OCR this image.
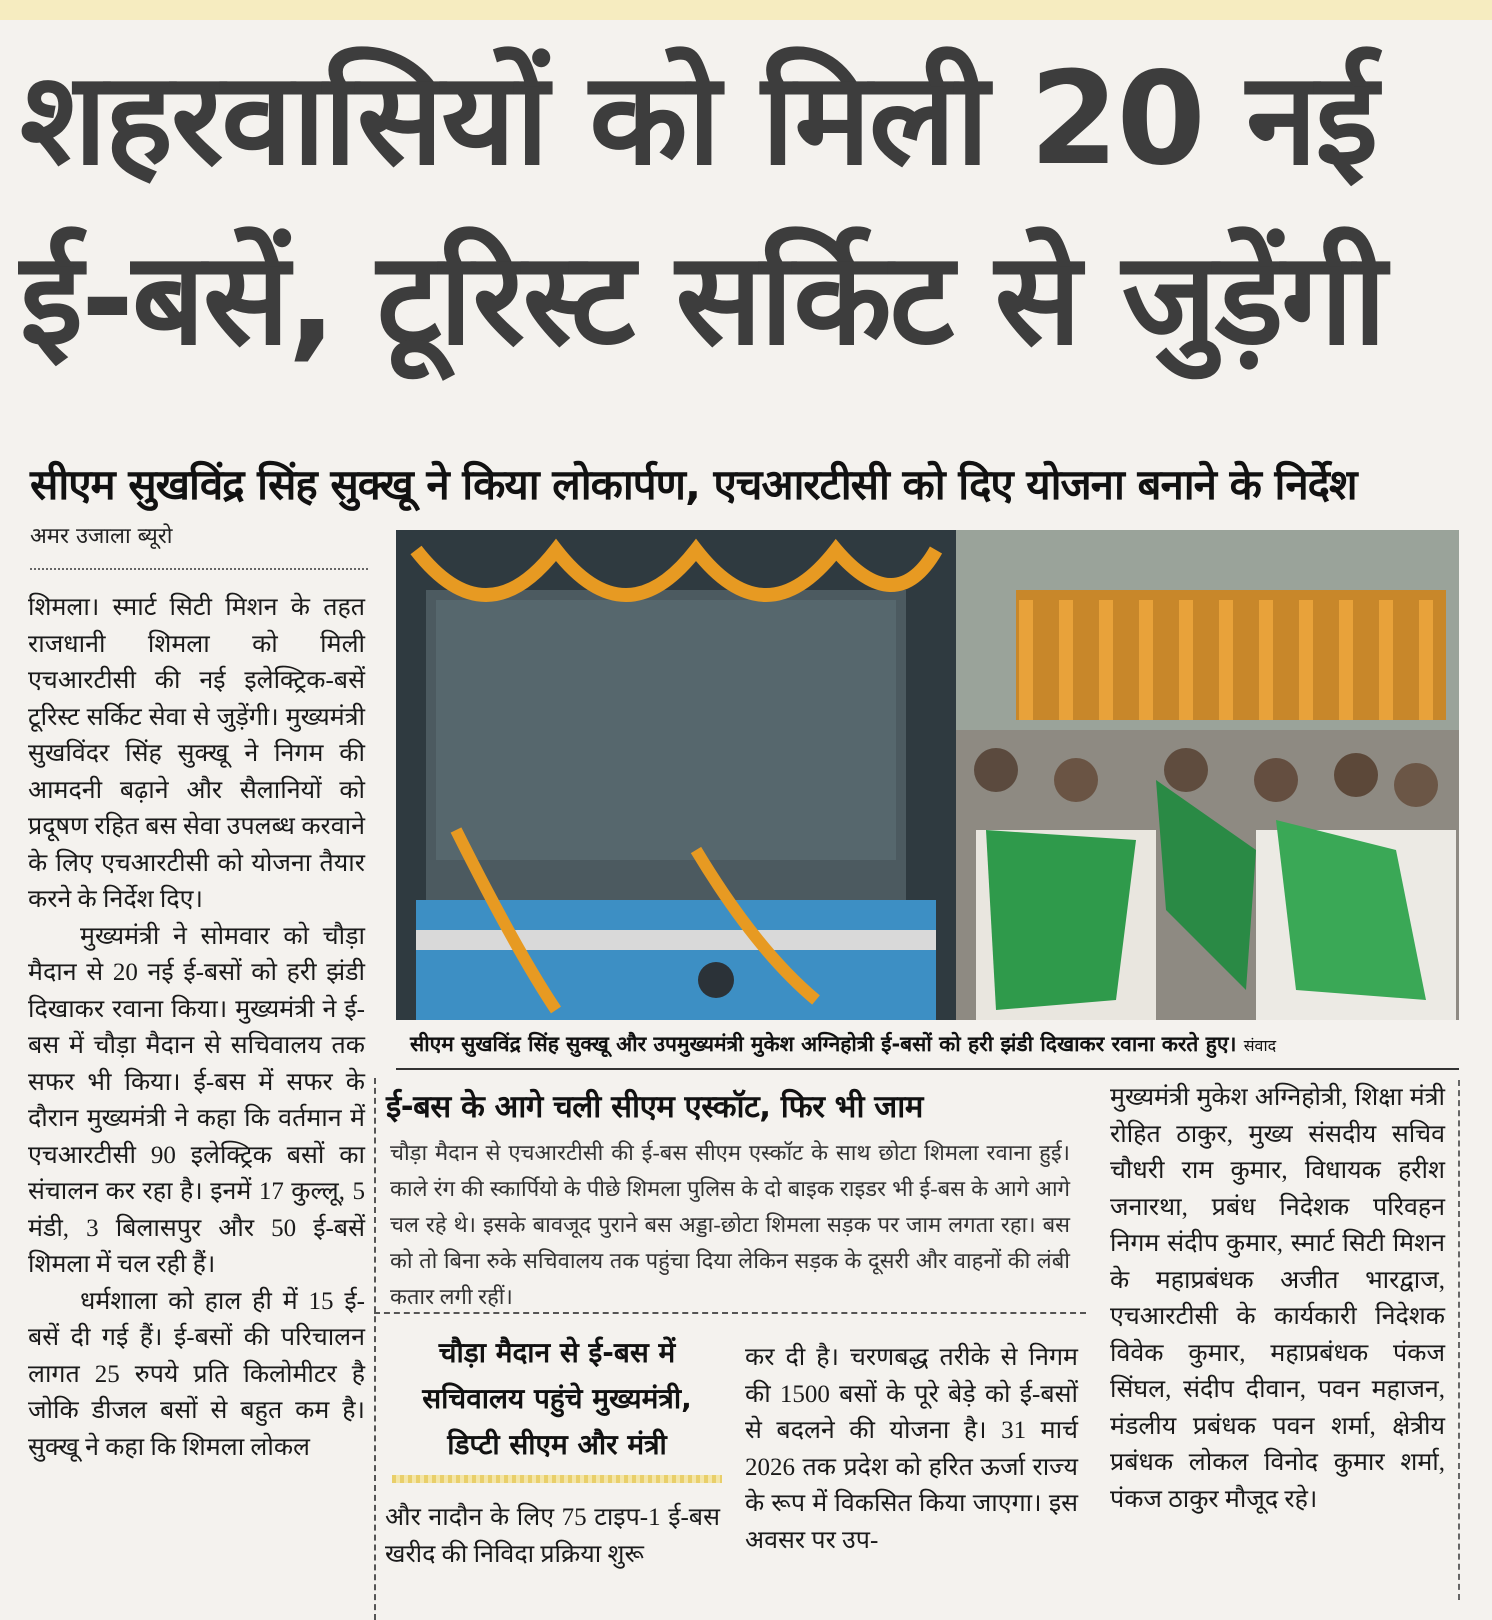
शहरवासियों को मिली 20 नई
ई-बसें, टूरिस्ट सर्किट से जुड़ेंगी
सीएम सुखविंद्र सिंह सुक्खू ने किया लोकार्पण, एचआरटीसी को दिए योजना बनाने के निर्देश
अमर उजाला ब्यूरो

शिमला। स्मार्ट सिटी मिशन के तहत राजधानी शिमला को मिली एचआरटीसी की नई इलेक्ट्रिक-बसें टूरिस्ट सर्किट सेवा से जुड़ेंगी। मुख्यमंत्री सुखविंदर सिंह सुक्खू ने निगम की आमदनी बढ़ाने और सैलानियों को प्रदूषण रहित बस सेवा उपलब्ध करवाने के लिए एचआरटीसी को योजना तैयार करने के निर्देश दिए।

मुख्यमंत्री ने सोमवार को चौड़ा मैदान से 20 नई ई-बसों को हरी झंडी दिखाकर रवाना किया। मुख्यमंत्री ने ई-बस में चौड़ा मैदान से सचिवालय तक सफर भी किया। ई-बस में सफर के दौरान मुख्यमंत्री ने कहा कि वर्तमान में एचआरटीसी 90 इलेक्ट्रिक बसों का संचालन कर रहा है। इनमें 17 कुल्लू, 5 मंडी, 3 बिलासपुर और 50 ई-बसें शिमला में चल रही हैं।

धर्मशाला को हाल ही में 15 ई-बसें दी गई हैं। ई-बसों की परिचालन लागत 25 रुपये प्रति किलोमीटर है जोकि डीजल बसों से बहुत कम है। सुक्खू ने कहा कि शिमला लोकल

सीएम सुखविंद्र सिंह सुक्खू और उपमुख्यमंत्री मुकेश अग्निहोत्री ई-बसों को हरी झंडी दिखाकर रवाना करते हुए। संवाद
ई-बस के आगे चली सीएम एस्कॉट, फिर भी जाम
चौड़ा मैदान से एचआरटीसी की ई-बस सीएम एस्कॉट के साथ छोटा शिमला रवाना हुई। काले रंग की स्कार्पियो के पीछे शिमला पुलिस के दो बाइक राइडर भी ई-बस के आगे आगे चल रहे थे। इसके बावजूद पुराने बस अड्डा-छोटा शिमला सड़क पर जाम लगता रहा। बस को तो बिना रुके सचिवालय तक पहुंचा दिया लेकिन सड़क के दूसरी और वाहनों की लंबी कतार लगी रहीं।
चौड़ा मैदान से ई-बस में सचिवालय पहुंचे मुख्यमंत्री, डिप्टी सीएम और मंत्री
और नादौन के लिए 75 टाइप-1 ई-बस खरीद की निविदा प्रक्रिया शुरू
कर दी है। चरणबद्ध तरीके से निगम की 1500 बसों के पूरे बेड़े को ई-बसों से बदलने की योजना है। 31 मार्च 2026 तक प्रदेश को हरित ऊर्जा राज्य के रूप में विकसित किया जाएगा। इस अवसर पर उप-
मुख्यमंत्री मुकेश अग्निहोत्री, शिक्षा मंत्री रोहित ठाकुर, मुख्य संसदीय सचिव चौधरी राम कुमार, विधायक हरीश जनारथा, प्रबंध निदेशक परिवहन निगम संदीप कुमार, स्मार्ट सिटी मिशन के महाप्रबंधक अजीत भारद्वाज, एचआरटीसी के कार्यकारी निदेशक विवेक कुमार, महाप्रबंधक पंकज सिंघल, संदीप दीवान, पवन महाजन, मंडलीय प्रबंधक पवन शर्मा, क्षेत्रीय प्रबंधक लोकल विनोद कुमार शर्मा, पंकज ठाकुर मौजूद रहे।
